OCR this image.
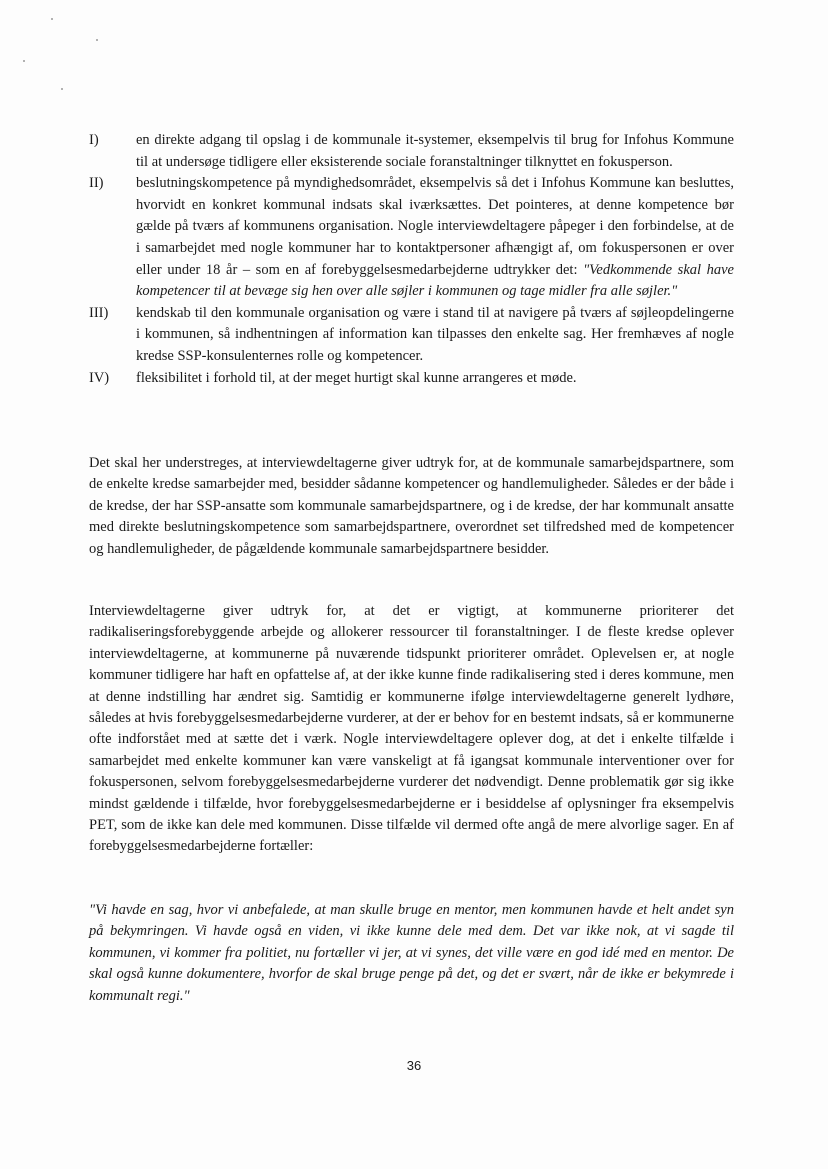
I)	en direkte adgang til opslag i de kommunale it-systemer, eksempelvis til brug for Infohus Kommune til at undersøge tidligere eller eksisterende sociale foranstaltninger tilknyttet en fokusperson.
II)	beslutningskompetence på myndighedsområdet, eksempelvis så det i Infohus Kommune kan besluttes, hvorvidt en konkret kommunal indsats skal iværksættes. Det pointeres, at denne kompetence bør gælde på tværs af kommunens organisation. Nogle interviewdeltagere påpeger i den forbindelse, at de i samarbejdet med nogle kommuner har to kontaktpersoner afhængigt af, om fokuspersonen er over eller under 18 år – som en af forebyggelsesmedarbejderne udtrykker det: "Vedkommende skal have kompetencer til at bevæge sig hen over alle søjler i kommunen og tage midler fra alle søjler."
III)	kendskab til den kommunale organisation og være i stand til at navigere på tværs af søjleopdelingerne i kommunen, så indhentningen af information kan tilpasses den enkelte sag. Her fremhæves af nogle kredse SSP-konsulenternes rolle og kompetencer.
IV)	fleksibilitet i forhold til, at der meget hurtigt skal kunne arrangeres et møde.

Det skal her understreges, at interviewdeltagerne giver udtryk for, at de kommunale samarbejdspartnere, som de enkelte kredse samarbejder med, besidder sådanne kompetencer og handlemuligheder. Således er der både i de kredse, der har SSP-ansatte som kommunale samarbejdspartnere, og i de kredse, der har kommunalt ansatte med direkte beslutningskompetence som samarbejdspartnere, overordnet set tilfredshed med de kompetencer og handlemuligheder, de pågældende kommunale samarbejdspartnere besidder.

Interviewdeltagerne giver udtryk for, at det er vigtigt, at kommunerne prioriterer det radikaliseringsforebyggende arbejde og allokerer ressourcer til foranstaltninger. I de fleste kredse oplever interviewdeltagerne, at kommunerne på nuværende tidspunkt prioriterer området. Oplevelsen er, at nogle kommuner tidligere har haft en opfattelse af, at der ikke kunne finde radikalisering sted i deres kommune, men at denne indstilling har ændret sig. Samtidig er kommunerne ifølge interviewdeltagerne generelt lydhøre, således at hvis forebyggelsesmedarbejderne vurderer, at der er behov for en bestemt indsats, så er kommunerne ofte indforstået med at sætte det i værk. Nogle interviewdeltagere oplever dog, at det i enkelte tilfælde i samarbejdet med enkelte kommuner kan være vanskeligt at få igangsat kommunale interventioner over for fokuspersonen, selvom forebyggelsesmedarbejderne vurderer det nødvendigt. Denne problematik gør sig ikke mindst gældende i tilfælde, hvor forebyggelsesmedarbejderne er i besiddelse af oplysninger fra eksempelvis PET, som de ikke kan dele med kommunen. Disse tilfælde vil dermed ofte angå de mere alvorlige sager. En af forebyggelsesmedarbejderne fortæller:

"Vi havde en sag, hvor vi anbefalede, at man skulle bruge en mentor, men kommunen havde et helt andet syn på bekymringen. Vi havde også en viden, vi ikke kunne dele med dem. Det var ikke nok, at vi sagde til kommunen, vi kommer fra politiet, nu fortæller vi jer, at vi synes, det ville være en god idé med en mentor. De skal også kunne dokumentere, hvorfor de skal bruge penge på det, og det er svært, når de ikke er bekymrede i kommunalt regi."

36
